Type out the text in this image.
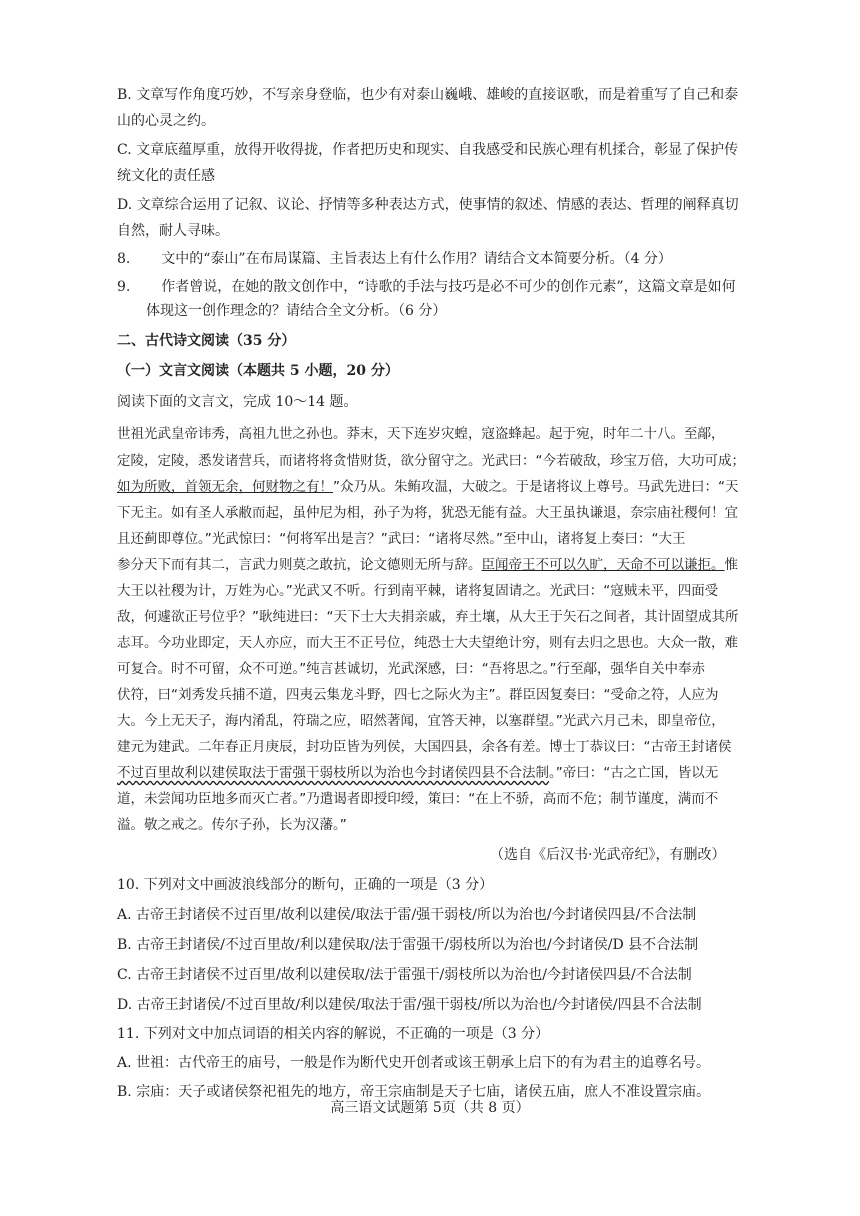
B. 文章写作角度巧妙，不写亲身登临，也少有对泰山巍峨、雄峻的直接讴歌，而是着重写了自己和泰
山的心灵之约。
C. 文章底蕴厚重，放得开收得拢，作者把历史和现实、自我感受和民族心理有机揉合，彰显了保护传
统文化的责任感
D. 文章综合运用了记叙、议论、抒情等多种表达方式，使事情的叙述、情感的表达、哲理的阐释真切
自然，耐人寻味。
8. 文中的“泰山”在布局谋篇、主旨表达上有什么作用？请结合文本简要分析。（4 分）
9. 作者曾说，在她的散文创作中，“诗歌的手法与技巧是必不可少的创作元素”，这篇文章是如何
体现这一创作理念的？请结合全文分析。（6 分）
二、古代诗文阅读（35 分）
（一）文言文阅读（本题共 5 小题，20 分）
阅读下面的文言文，完成 10～14 题。
世祖光武皇帝讳秀，高祖九世之孙也。莽末，天下连岁灾蝗，寇盗蜂起。起于宛，时年二十八。至鄗，
定陵，定陵，悉发诸营兵，而诸将将贪惜财货，欲分留守之。光武曰：“今若破敌，珍宝万倍，大功可成；
如为所败，首领无余，何财物之有！”众乃从。朱鲔攻温，大破之。于是诸将议上尊号。马武先进曰：“天
下无主。如有圣人承敝而起，虽仲尼为相，孙子为将，犹恐无能有益。大王虽执谦退，奈宗庙社稷何！宜
且还蓟即尊位。”光武惊曰：“何将军出是言？”武曰：“诸将尽然。”至中山，诸将复上奏曰：“大王
参分天下而有其二，言武力则莫之敢抗，论文德则无所与辞。臣闻帝王不可以久旷，天命不可以谦拒。惟
大王以社稷为计，万姓为心。”光武又不听。行到南平棘，诸将复固请之。光武曰：“寇贼未平，四面受
敌，何遽欲正号位乎？”耿纯进曰：“天下士大夫捐亲戚，弃土壤，从大王于矢石之间者，其计固望成其所
志耳。今功业即定，天人亦应，而大王不正号位，纯恐士大夫望绝计穷，则有去归之思也。大众一散，难
可复合。时不可留，众不可逆。”纯言甚诚切，光武深感，曰：“吾将思之。”行至鄗，强华自关中奉赤
伏符，曰“刘秀发兵捕不道，四夷云集龙斗野，四七之际火为主”。群臣因复奏曰：“受命之符，人应为
大。今上无天子，海内淆乱，符瑞之应，昭然著闻，宜答天神，以塞群望。”光武六月己未，即皇帝位，
建元为建武。二年春正月庚辰，封功臣皆为列侯，大国四县，余各有差。博士丁恭议曰：“古帝王封诸侯
不过百里故利以建侯取法于雷强干弱枝所以为治也今封诸侯四县不合法制。”帝曰：“古之亡国，皆以无
道，未尝闻功臣地多而灭亡者。”乃遣谒者即授印绶，策曰：“在上不骄，高而不危；制节谨度，满而不
溢。敬之戒之。传尔子孙，长为汉藩。”
（选自《后汉书·光武帝纪》，有删改）
10. 下列对文中画波浪线部分的断句，正确的一项是（3 分）
A. 古帝王封诸侯不过百里/故利以建侯/取法于雷/强干弱枝/所以为治也/今封诸侯四县/不合法制
B. 古帝王封诸侯/不过百里故/利以建侯取/法于雷强干/弱枝所以为治也/今封诸侯/D 县不合法制
C. 古帝王封诸侯不过百里/故利以建侯取/法于雷强干/弱枝所以为治也/今封诸侯四县/不合法制
D. 古帝王封诸侯/不过百里故/利以建侯/取法于雷/强干弱枝/所以为治也/今封诸侯/四县不合法制
11. 下列对文中加点词语的相关内容的解说，不正确的一项是（3 分）
A. 世祖：古代帝王的庙号，一般是作为断代史开创者或该王朝承上启下的有为君主的追尊名号。
B. 宗庙：天子或诸侯祭祀祖先的地方，帝王宗庙制是天子七庙，诸侯五庙，庶人不准设置宗庙。
高三语文试题第 5页（共 8 页）
